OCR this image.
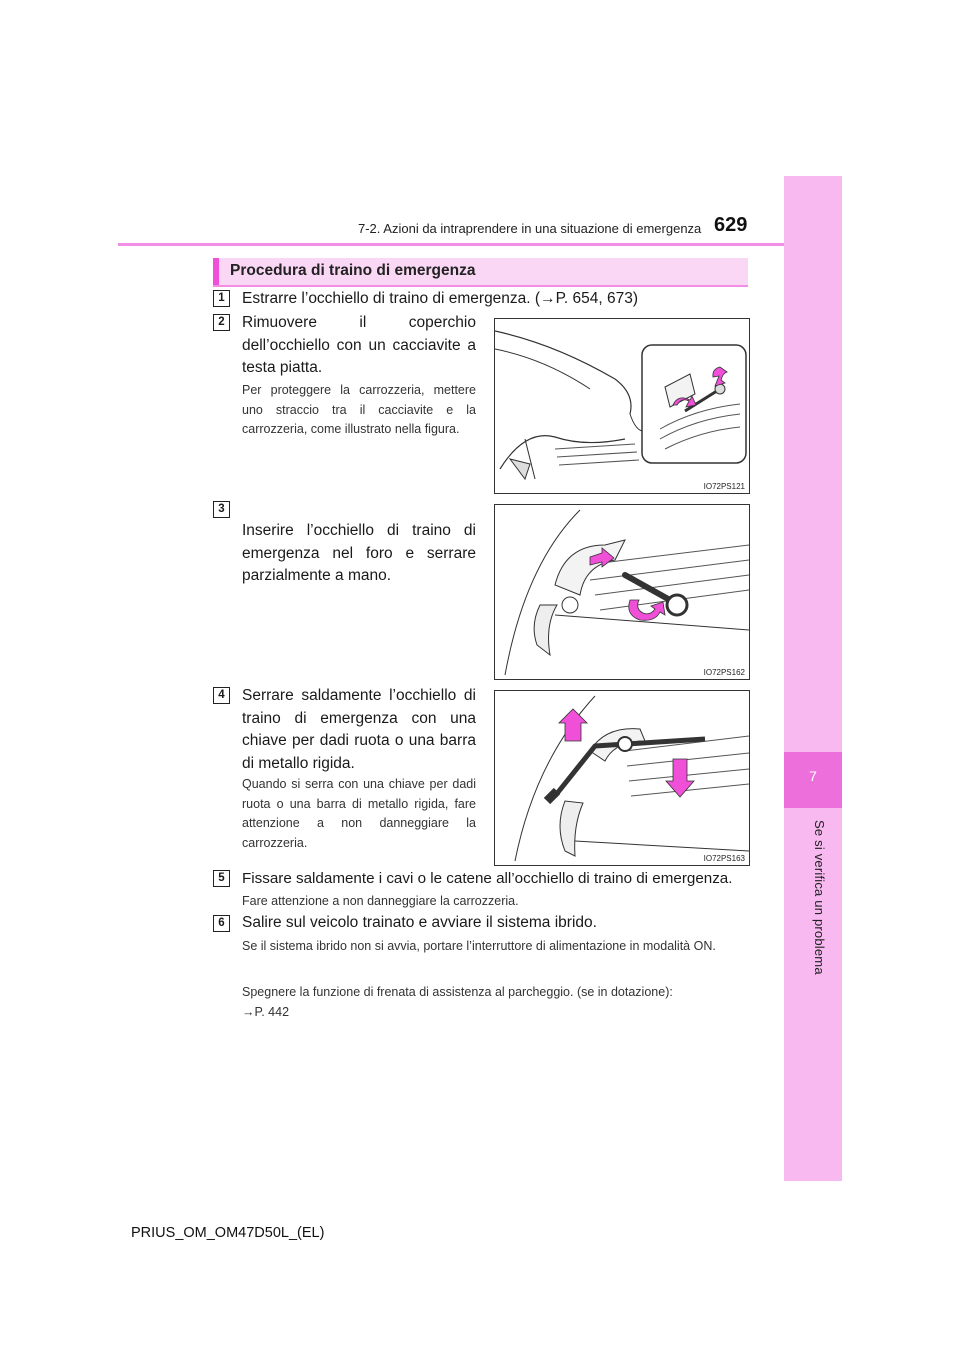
7
Se si verifica un problema
7-2. Azioni da intraprendere in una situazione di emergenza 629
Procedura di traino di emergenza
1	Estrarre l’occhiello di traino di emergenza. (→P. 654, 673)
2	Rimuovere il coperchio dell’occhiello con un cacciavite a testa piatta.
Per proteggere la carrozzeria, mettere uno straccio tra il cacciavite e la carrozzeria, come illustrato nella figura.
IO72PS121
3
Inserire l’occhiello di traino di emergenza nel foro e serrare parzialmente a mano.
IO72PS162
4	Serrare saldamente l’occhiello di traino di emergenza con una chiave per dadi ruota o una barra di metallo rigida.
Quando si serra con una chiave per dadi ruota o una barra di metallo rigida, fare attenzione a non danneggiare la carrozzeria.
IO72PS163
5	Fissare saldamente i cavi o le catene all’occhiello di traino di emergenza.
Fare attenzione a non danneggiare la carrozzeria.
6	Salire sul veicolo trainato e avviare il sistema ibrido.
Se il sistema ibrido non si avvia, portare l’interruttore di alimentazione in modalità ON.
Spegnere la funzione di frenata di assistenza al parcheggio. (se in dotazione):
→P. 442
PRIUS_OM_OM47D50L_(EL)
